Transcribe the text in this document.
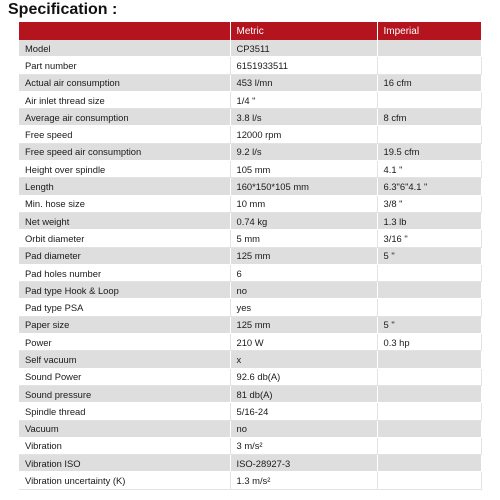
Specification :
	Metric	Imperial
Model	CP3511	
Part number	6151933511	
Actual air consumption	453 l/mn	16 cfm
Air inlet thread size	1/4 "	
Average air consumption	3.8 l/s	8 cfm
Free speed	12000 rpm	
Free speed air consumption	9.2 l/s	19.5 cfm
Height over spindle	105 mm	4.1 "
Length	160*150*105 mm	6.3"6"4.1 "
Min. hose size	10 mm	3/8 "
Net weight	0.74 kg	1.3 lb
Orbit diameter	5 mm	3/16 "
Pad diameter	125 mm	5 "
Pad holes number	6	
Pad type Hook & Loop	no	
Pad type PSA	yes	
Paper size	125 mm	5 "
Power	210 W	0.3 hp
Self vacuum	x	
Sound Power	92.6 db(A)	
Sound pressure	81 db(A)	
Spindle thread	5/16-24	
Vacuum	no	
Vibration	3 m/s²	
Vibration ISO	ISO-28927-3	
Vibration uncertainty (K)	1.3 m/s²	
